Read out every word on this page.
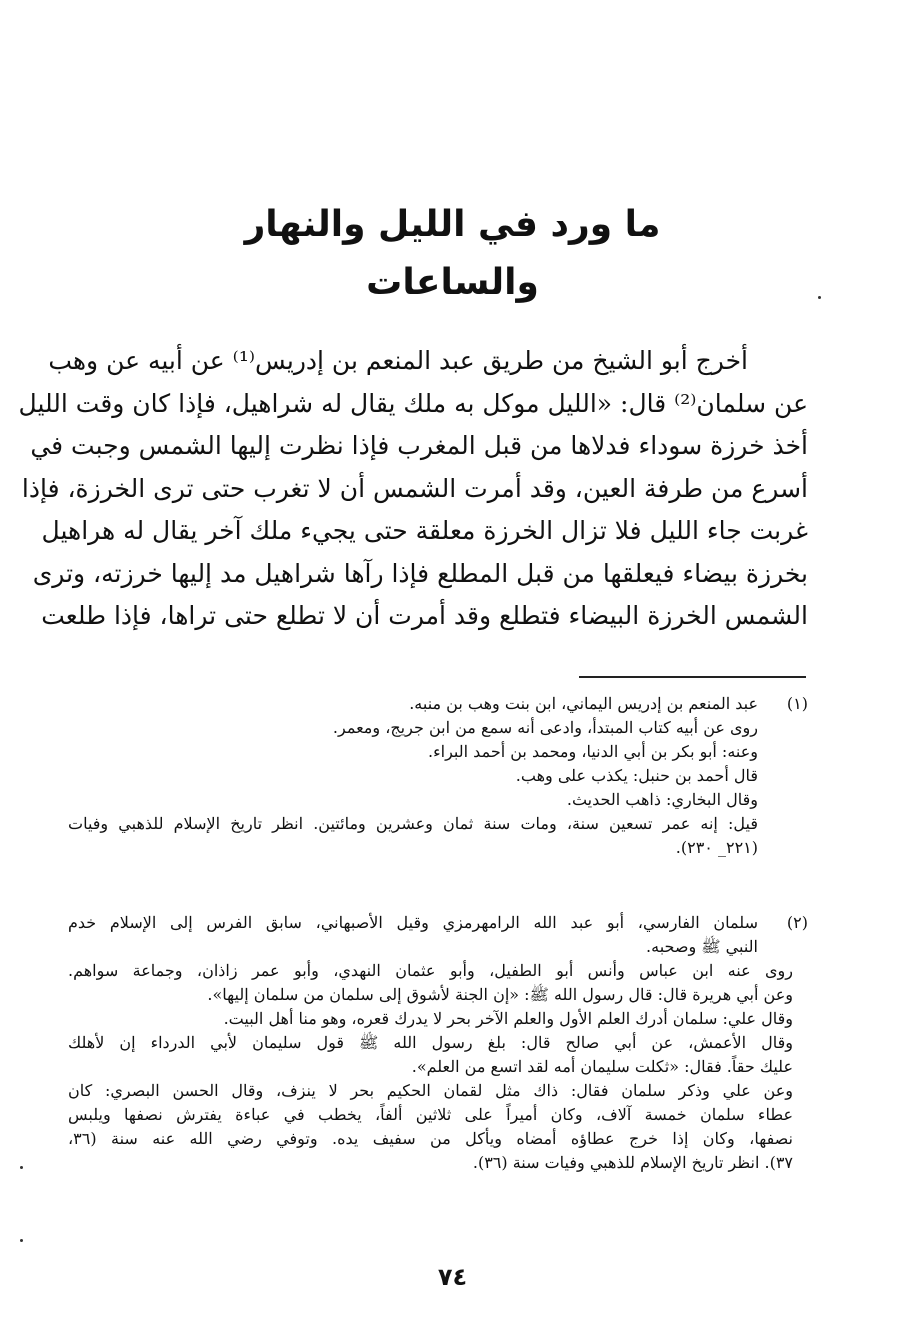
ما ورد في الليل والنهار
والساعات
أخرج أبو الشيخ من طريق عبد المنعم بن إدريس⁽¹⁾ عن أبيه عن وهب
عن سلمان⁽²⁾ قال: «الليل موكل به ملك يقال له شراهيل، فإذا كان وقت الليل
أخذ خرزة سوداء فدلاها من قبل المغرب فإذا نظرت إليها الشمس وجبت في
أسرع من طرفة العين، وقد أمرت الشمس أن لا تغرب حتى ترى الخرزة، فإذا
غربت جاء الليل فلا تزال الخرزة معلقة حتى يجيء ملك آخر يقال له هراهيل
بخرزة بيضاء فيعلقها من قبل المطلع فإذا رآها شراهيل مد إليها خرزته، وترى
الشمس الخرزة البيضاء فتطلع وقد أمرت أن لا تطلع حتى تراها، فإذا طلعت
(١)
عبد المنعم بن إدريس اليماني، ابن بنت وهب بن منبه.
روى عن أبيه كتاب المبتدأ، وادعى أنه سمع من ابن جريج، ومعمر.
وعنه: أبو بكر بن أبي الدنيا، ومحمد بن أحمد البراء.
قال أحمد بن حنبل: يكذب على وهب.
وقال البخاري: ذاهب الحديث.
قيل: إنه عمر تسعين سنة، ومات سنة ثمان وعشرين ومائتين. انظر تاريخ الإسلام للذهبي وفيات
(٢٢١_ ٢٣٠).
(٢)
سلمان الفارسي، أبو عبد الله الرامهرمزي وقيل الأصبهاني، سابق الفرس إلى الإسلام خدم
النبي ﷺ وصحبه.
روى عنه ابن عباس وأنس أبو الطفيل، وأبو عثمان النهدي، وأبو عمر زاذان، وجماعة سواهم.
وعن أبي هريرة قال: قال رسول الله ﷺ: «إن الجنة لأشوق إلى سلمان من سلمان إليها».
وقال علي: سلمان أدرك العلم الأول والعلم الآخر بحر لا يدرك قعره، وهو منا أهل البيت.
وقال الأعمش، عن أبي صالح قال: بلغ رسول الله ﷺ قول سليمان لأبي الدرداء إن لأهلك
عليك حقاً. فقال: «ثكلت سليمان أمه لقد اتسع من العلم».
وعن علي وذكر سلمان فقال: ذاك مثل لقمان الحكيم بحر لا ينزف، وقال الحسن البصري: كان
عطاء سلمان خمسة آلاف، وكان أميراً على ثلاثين ألفاً، يخطب في عباءة يفترش نصفها ويلبس
نصفها، وكان إذا خرج عطاؤه أمضاه ويأكل من سفيف يده. وتوفي رضي الله عنه سنة (٣٦،
٣٧). انظر تاريخ الإسلام للذهبي وفيات سنة (٣٦).
٧٤
